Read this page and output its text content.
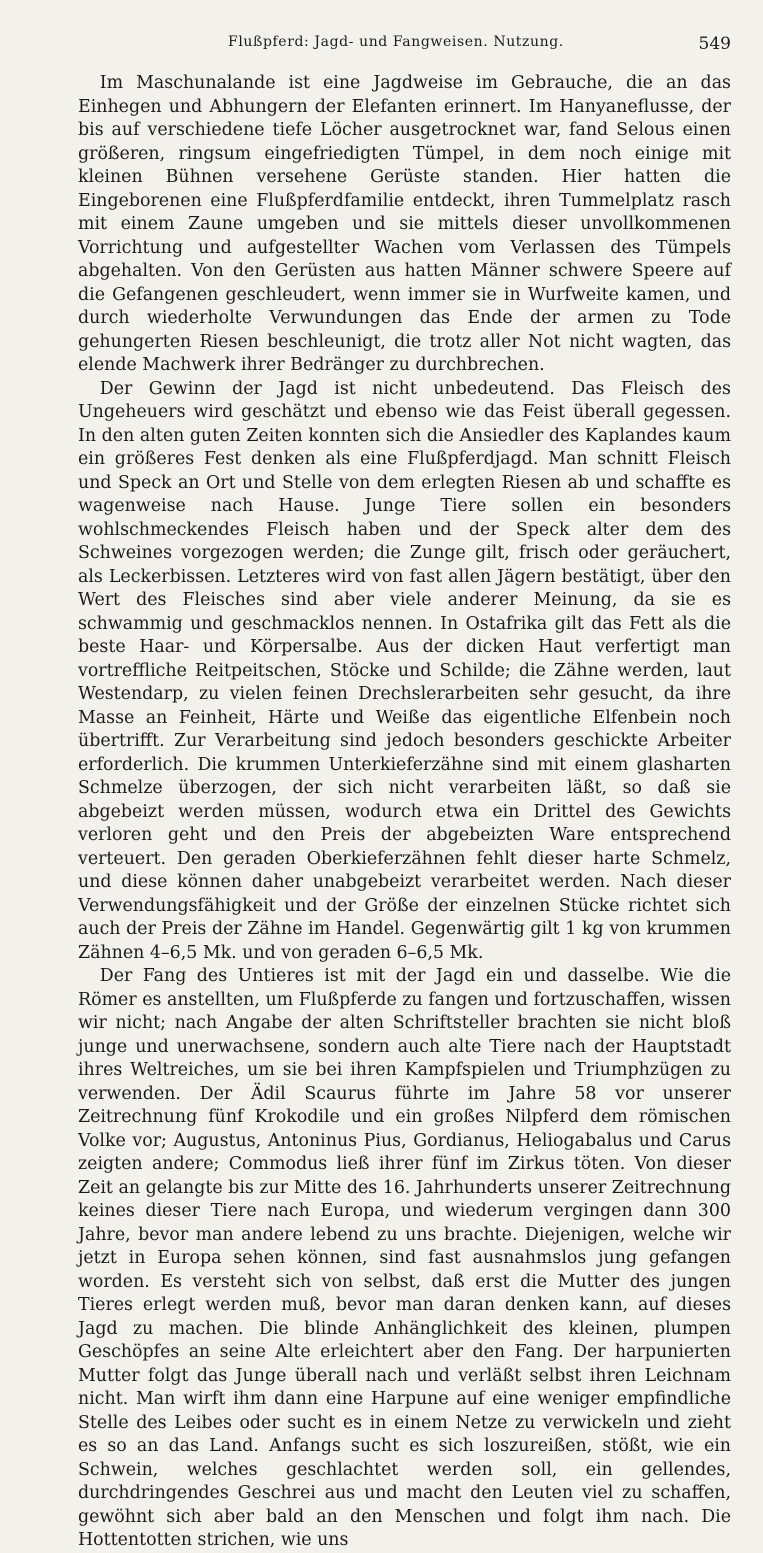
Flußpferd: Jagd- und Fangweisen. Nutzung.	549

Im Maschunalande ist eine Jagdweise im Gebrauche, die an das Einhegen und Abhungern der Elefanten erinnert. Im Hanyaneflusse, der bis auf verschiedene tiefe Löcher ausgetrocknet war, fand Selous einen größeren, ringsum eingefriedigten Tümpel, in dem noch einige mit kleinen Bühnen versehene Gerüste standen. Hier hatten die Eingeborenen eine Flußpferdfamilie entdeckt, ihren Tummelplatz rasch mit einem Zaune umgeben und sie mittels dieser unvollkommenen Vorrichtung und aufgestellter Wachen vom Verlassen des Tümpels abgehalten. Von den Gerüsten aus hatten Männer schwere Speere auf die Gefangenen geschleudert, wenn immer sie in Wurfweite kamen, und durch wiederholte Verwundungen das Ende der armen zu Tode gehungerten Riesen beschleunigt, die trotz aller Not nicht wagten, das elende Machwerk ihrer Bedränger zu durchbrechen.

Der Gewinn der Jagd ist nicht unbedeutend. Das Fleisch des Ungeheuers wird geschätzt und ebenso wie das Feist überall gegessen. In den alten guten Zeiten konnten sich die Ansiedler des Kaplandes kaum ein größeres Fest denken als eine Flußpferdjagd. Man schnitt Fleisch und Speck an Ort und Stelle von dem erlegten Riesen ab und schaffte es wagenweise nach Hause. Junge Tiere sollen ein besonders wohlschmeckendes Fleisch haben und der Speck alter dem des Schweines vorgezogen werden; die Zunge gilt, frisch oder geräuchert, als Leckerbissen. Letzteres wird von fast allen Jägern bestätigt, über den Wert des Fleisches sind aber viele anderer Meinung, da sie es schwammig und geschmacklos nennen. In Ostafrika gilt das Fett als die beste Haar- und Körpersalbe. Aus der dicken Haut verfertigt man vortreffliche Reitpeitschen, Stöcke und Schilde; die Zähne werden, laut Westendarp, zu vielen feinen Drechslerarbeiten sehr gesucht, da ihre Masse an Feinheit, Härte und Weiße das eigentliche Elfenbein noch übertrifft. Zur Verarbeitung sind jedoch besonders geschickte Arbeiter erforderlich. Die krummen Unterkieferzähne sind mit einem glasharten Schmelze überzogen, der sich nicht verarbeiten läßt, so daß sie abgebeizt werden müssen, wodurch etwa ein Drittel des Gewichts verloren geht und den Preis der abgebeizten Ware entsprechend verteuert. Den geraden Oberkieferzähnen fehlt dieser harte Schmelz, und diese können daher unabgebeizt verarbeitet werden. Nach dieser Verwendungsfähigkeit und der Größe der einzelnen Stücke richtet sich auch der Preis der Zähne im Handel. Gegenwärtig gilt 1 kg von krummen Zähnen 4–6,5 Mk. und von geraden 6–6,5 Mk.

Der Fang des Untieres ist mit der Jagd ein und dasselbe. Wie die Römer es anstellten, um Flußpferde zu fangen und fortzuschaffen, wissen wir nicht; nach Angabe der alten Schriftsteller brachten sie nicht bloß junge und unerwachsene, sondern auch alte Tiere nach der Hauptstadt ihres Weltreiches, um sie bei ihren Kampfspielen und Triumphzügen zu verwenden. Der Ädil Scaurus führte im Jahre 58 vor unserer Zeitrechnung fünf Krokodile und ein großes Nilpferd dem römischen Volke vor; Augustus, Antoninus Pius, Gordianus, Heliogabalus und Carus zeigten andere; Commodus ließ ihrer fünf im Zirkus töten. Von dieser Zeit an gelangte bis zur Mitte des 16. Jahrhunderts unserer Zeitrechnung keines dieser Tiere nach Europa, und wiederum vergingen dann 300 Jahre, bevor man andere lebend zu uns brachte. Diejenigen, welche wir jetzt in Europa sehen können, sind fast ausnahmslos jung gefangen worden. Es versteht sich von selbst, daß erst die Mutter des jungen Tieres erlegt werden muß, bevor man daran denken kann, auf dieses Jagd zu machen. Die blinde Anhänglichkeit des kleinen, plumpen Geschöpfes an seine Alte erleichtert aber den Fang. Der harpunierten Mutter folgt das Junge überall nach und verläßt selbst ihren Leichnam nicht. Man wirft ihm dann eine Harpune auf eine weniger empfindliche Stelle des Leibes oder sucht es in einem Netze zu verwickeln und zieht es so an das Land. Anfangs sucht es sich loszureißen, stößt, wie ein Schwein, welches geschlachtet werden soll, ein gellendes, durchdringendes Geschrei aus und macht den Leuten viel zu schaffen, gewöhnt sich aber bald an den Menschen und folgt ihm nach. Die Hottentotten strichen, wie uns
